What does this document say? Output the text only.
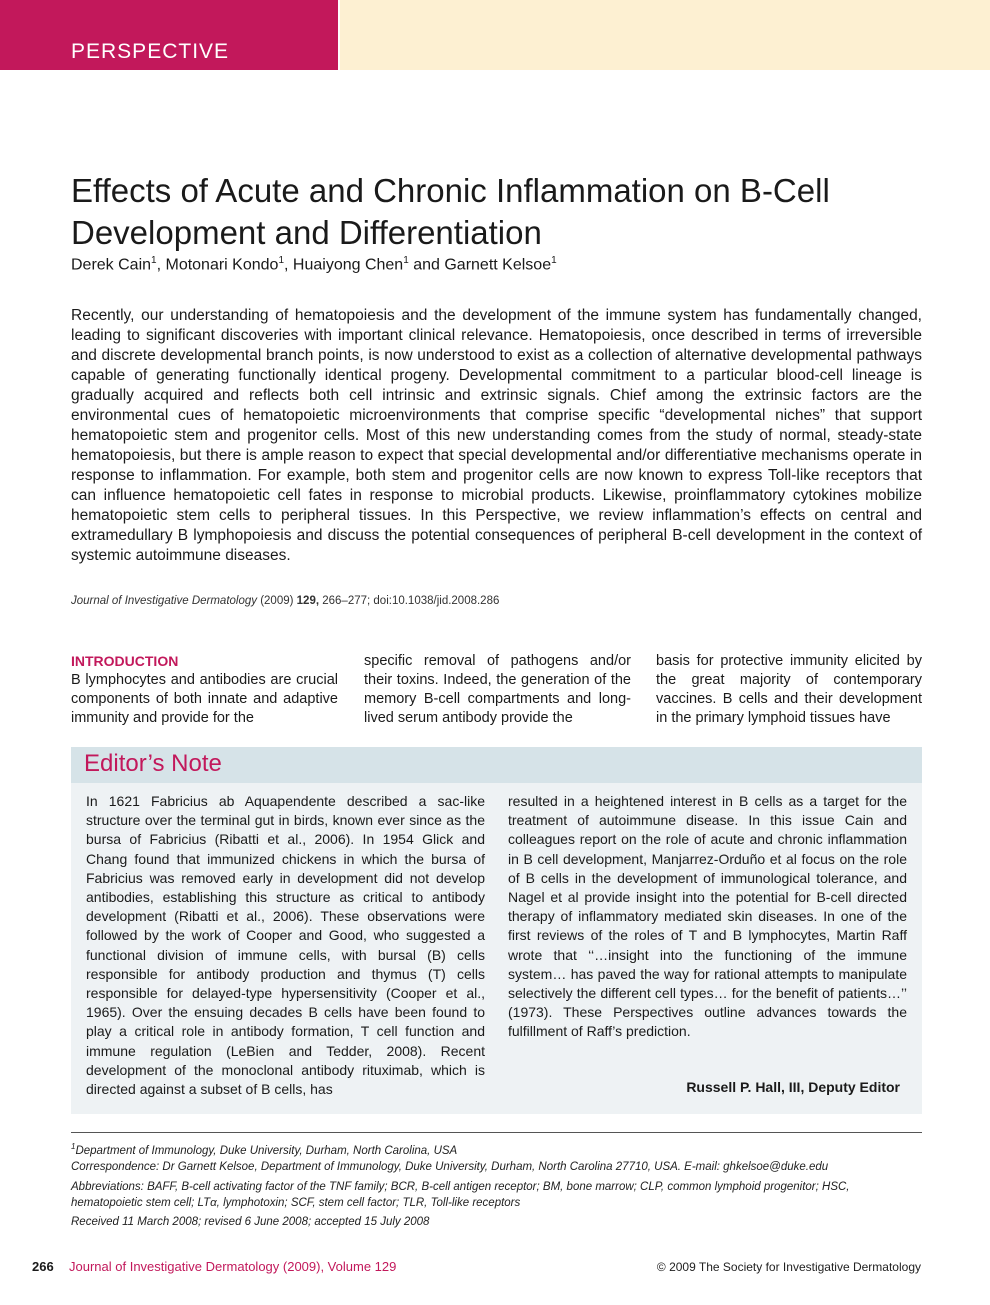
PERSPECTIVE
Effects of Acute and Chronic Inflammation on B-Cell Development and Differentiation
Derek Cain$^1$, Motonari Kondo$^1$, Huaiyong Chen$^1$ and Garnett Kelsoe$^1$
Recently, our understanding of hematopoiesis and the development of the immune system has fundamentally changed, leading to significant discoveries with important clinical relevance. Hematopoiesis, once described in terms of irreversible and discrete developmental branch points, is now understood to exist as a collection of alternative developmental pathways capable of generating functionally identical progeny. Developmental commitment to a particular blood-cell lineage is gradually acquired and reflects both cell intrinsic and extrinsic signals. Chief among the extrinsic factors are the environmental cues of hematopoietic microenvironments that comprise specific “developmental niches” that support hematopoietic stem and progenitor cells. Most of this new understanding comes from the study of normal, steady-state hematopoiesis, but there is ample reason to expect that special developmental and/or differentiative mechanisms operate in response to inflammation. For example, both stem and progenitor cells are now known to express Toll-like receptors that can influence hematopoietic cell fates in response to microbial products. Likewise, proinflammatory cytokines mobilize hematopoietic stem cells to peripheral tissues. In this Perspective, we review inflammation’s effects on central and extramedullary B lymphopoiesis and discuss the potential consequences of peripheral B-cell development in the context of systemic autoimmune diseases.
Journal of Investigative Dermatology (2009) 129, 266–277; doi:10.1038/jid.2008.286
INTRODUCTION
B lymphocytes and antibodies are crucial components of both innate and adaptive immunity and provide for the
specific removal of pathogens and/or their toxins. Indeed, the generation of the memory B-cell compartments and long-lived serum antibody provide the
basis for protective immunity elicited by the great majority of contemporary vaccines. B cells and their development in the primary lymphoid tissues have
Editor’s Note
In 1621 Fabricius ab Aquapendente described a sac-like structure over the terminal gut in birds, known ever since as the bursa of Fabricius (Ribatti et al., 2006). In 1954 Glick and Chang found that immunized chickens in which the bursa of Fabricius was removed early in development did not develop antibodies, establishing this structure as critical to antibody development (Ribatti et al., 2006). These observations were followed by the work of Cooper and Good, who suggested a functional division of immune cells, with bursal (B) cells responsible for antibody production and thymus (T) cells responsible for delayed-type hypersensitivity (Cooper et al., 1965). Over the ensuing decades B cells have been found to play a critical role in antibody formation, T cell function and immune regulation (LeBien and Tedder, 2008). Recent development of the monoclonal antibody rituximab, which is directed against a subset of B cells, has
resulted in a heightened interest in B cells as a target for the treatment of autoimmune disease. In this issue Cain and colleagues report on the role of acute and chronic inflammation in B cell development, Manjarrez-Orduño et al focus on the role of B cells in the development of immunological tolerance, and Nagel et al provide insight into the potential for B-cell directed therapy of inflammatory mediated skin diseases. In one of the first reviews of the roles of T and B lymphocytes, Martin Raff wrote that ‘‘…insight into the functioning of the immune system… has paved the way for rational attempts to manipulate selectively the different cell types… for the benefit of patients…’’ (1973). These Perspectives outline advances towards the fulfillment of Raff’s prediction.
Russell P. Hall, III, Deputy Editor
$^1$Department of Immunology, Duke University, Durham, North Carolina, USA
Correspondence: Dr Garnett Kelsoe, Department of Immunology, Duke University, Durham, North Carolina 27710, USA. E-mail: ghkelsoe@duke.edu
Abbreviations: BAFF, B-cell activating factor of the TNF family; BCR, B-cell antigen receptor; BM, bone marrow; CLP, common lymphoid progenitor; HSC, hematopoietic stem cell; LTα, lymphotoxin; SCF, stem cell factor; TLR, Toll-like receptors
Received 11 March 2008; revised 6 June 2008; accepted 15 July 2008
266 Journal of Investigative Dermatology (2009), Volume 129	© 2009 The Society for Investigative Dermatology
